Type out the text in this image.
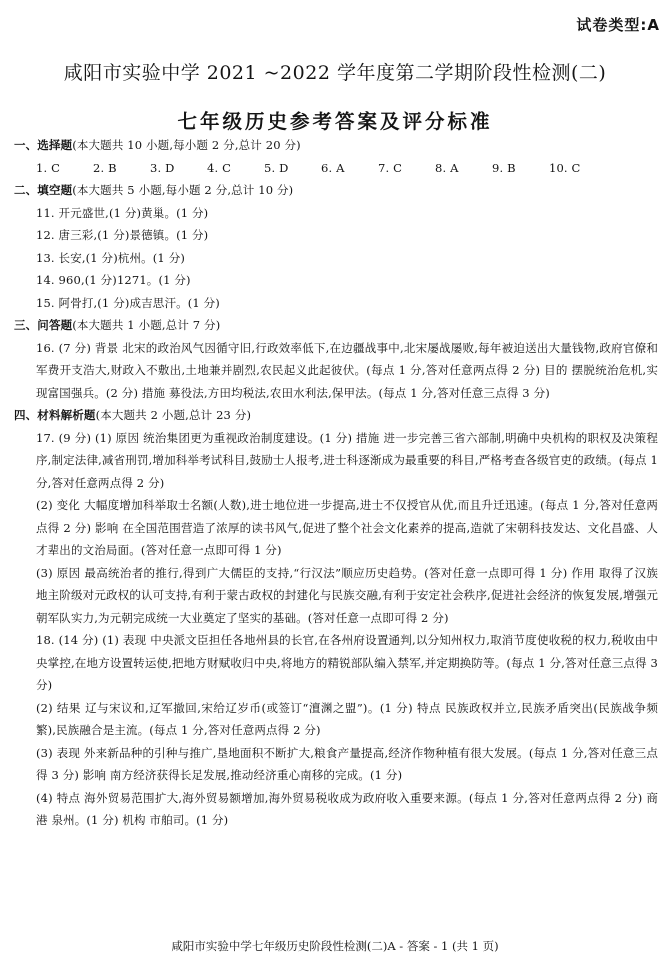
试卷类型:A
咸阳市实验中学 2021 ~2022 学年度第二学期阶段性检测(二)
七年级历史参考答案及评分标准

一、选择题(本大题共 10 小题,每小题 2 分,总计 20 分)

1. C	2. B	3. D	4. C	5. D	6. A	7. C	8. A	9. B	10. C

二、填空题(本大题共 5 小题,每小题 2 分,总计 10 分)

11. 开元盛世,(1 分)黄巢。(1 分)

12. 唐三彩,(1 分)景德镇。(1 分)

13. 长安,(1 分)杭州。(1 分)

14. 960,(1 分)1271。(1 分)

15. 阿骨打,(1 分)成吉思汗。(1 分)

三、问答题(本大题共 1 小题,总计 7 分)

16. (7 分) 背景 北宋的政治风气因循守旧,行政效率低下,在边疆战事中,北宋屡战屡败,每年被迫送出大量钱物,政府官僚和军费开支浩大,财政入不敷出,土地兼并剧烈,农民起义此起彼伏。(每点 1 分,答对任意两点得 2 分) 目的 摆脱统治危机,实现富国强兵。(2 分) 措施 募役法,方田均税法,农田水利法,保甲法。(每点 1 分,答对任意三点得 3 分)

四、材料解析题(本大题共 2 小题,总计 23 分)

17. (9 分) (1) 原因 统治集团更为重视政治制度建设。(1 分) 措施 进一步完善三省六部制,明确中央机构的职权及决策程序,制定法律,减省刑罚,增加科举考试科目,鼓励士人报考,进士科逐渐成为最重要的科目,严格考查各级官吏的政绩。(每点 1 分,答对任意两点得 2 分)

(2) 变化 大幅度增加科举取士名额(人数),进士地位进一步提高,进士不仅授官从优,而且升迁迅速。(每点 1 分,答对任意两点得 2 分) 影响 在全国范围营造了浓厚的读书风气,促进了整个社会文化素养的提高,造就了宋朝科技发达、文化昌盛、人才辈出的文治局面。(答对任意一点即可得 1 分)

(3) 原因 最高统治者的推行,得到广大儒臣的支持,“行汉法”顺应历史趋势。(答对任意一点即可得 1 分) 作用 取得了汉族地主阶级对元政权的认可支持,有利于蒙古政权的封建化与民族交融,有利于安定社会秩序,促进社会经济的恢复发展,增强元朝军队实力,为元朝完成统一大业奠定了坚实的基础。(答对任意一点即可得 2 分)

18. (14 分) (1) 表现 中央派文臣担任各地州县的长官,在各州府设置通判,以分知州权力,取消节度使收税的权力,税收由中央掌控,在地方设置转运使,把地方财赋收归中央,将地方的精锐部队编入禁军,并定期换防等。(每点 1 分,答对任意三点得 3 分)

(2) 结果 辽与宋议和,辽军撤回,宋给辽岁币(或签订“澶渊之盟”)。(1 分) 特点 民族政权并立,民族矛盾突出(民族战争频繁),民族融合是主流。(每点 1 分,答对任意两点得 2 分)

(3) 表现 外来新品种的引种与推广,垦地面积不断扩大,粮食产量提高,经济作物种植有很大发展。(每点 1 分,答对任意三点得 3 分) 影响 南方经济获得长足发展,推动经济重心南移的完成。(1 分)

(4) 特点 海外贸易范围扩大,海外贸易额增加,海外贸易税收成为政府收入重要来源。(每点 1 分,答对任意两点得 2 分) 商港 泉州。(1 分) 机构 市舶司。(1 分)

咸阳市实验中学七年级历史阶段性检测(二)A - 答案 - 1 (共 1 页)
